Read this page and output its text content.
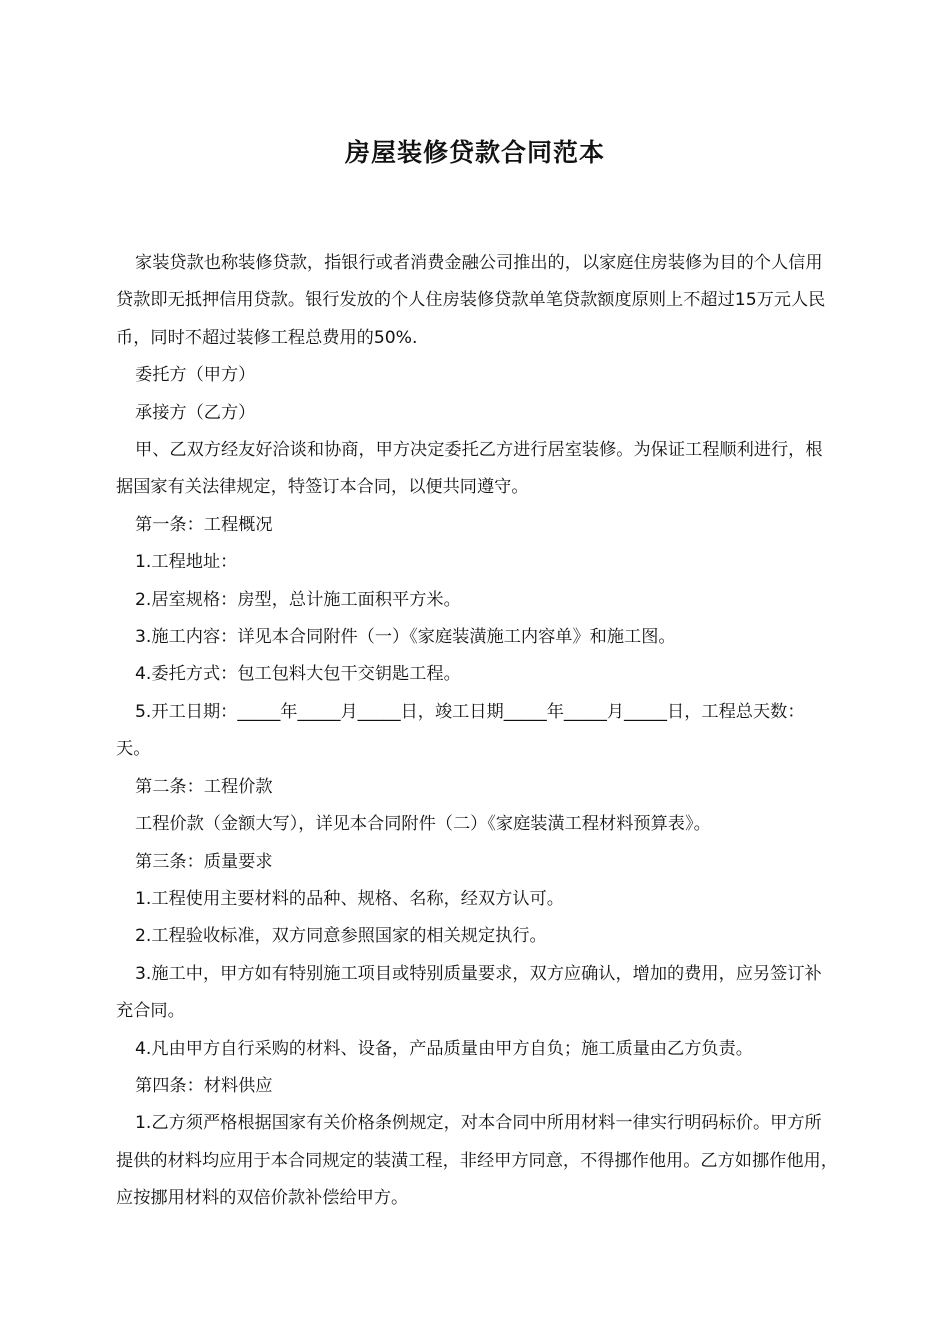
房屋装修贷款合同范本

家装贷款也称装修贷款，指银行或者消费金融公司推出的，以家庭住房装修为目的个人信用贷款即无抵押信用贷款。银行发放的个人住房装修贷款单笔贷款额度原则上不超过15万元人民币，同时不超过装修工程总费用的50%.

委托方（甲方）

承接方（乙方）

甲、乙双方经友好洽谈和协商，甲方决定委托乙方进行居室装修。为保证工程顺利进行，根据国家有关法律规定，特签订本合同，以便共同遵守。

第一条：工程概况

1.工程地址：

2.居室规格：房型，总计施工面积平方米。

3.施工内容：详见本合同附件（一）《家庭装潢施工内容单》和施工图。

4.委托方式：包工包料大包干交钥匙工程。

5.开工日期：_____年_____月_____日，竣工日期_____年_____月_____日，工程总天数：天。

第二条：工程价款

工程价款（金额大写），详见本合同附件（二）《家庭装潢工程材料预算表》。

第三条：质量要求

1.工程使用主要材料的品种、规格、名称，经双方认可。

2.工程验收标准，双方同意参照国家的相关规定执行。

3.施工中，甲方如有特别施工项目或特别质量要求，双方应确认，增加的费用，应另签订补充合同。

4.凡由甲方自行采购的材料、设备，产品质量由甲方自负；施工质量由乙方负责。

第四条：材料供应

1.乙方须严格根据国家有关价格条例规定，对本合同中所用材料一律实行明码标价。甲方所提供的材料均应用于本合同规定的装潢工程，非经甲方同意，不得挪作他用。乙方如挪作他用，应按挪用材料的双倍价款补偿给甲方。
